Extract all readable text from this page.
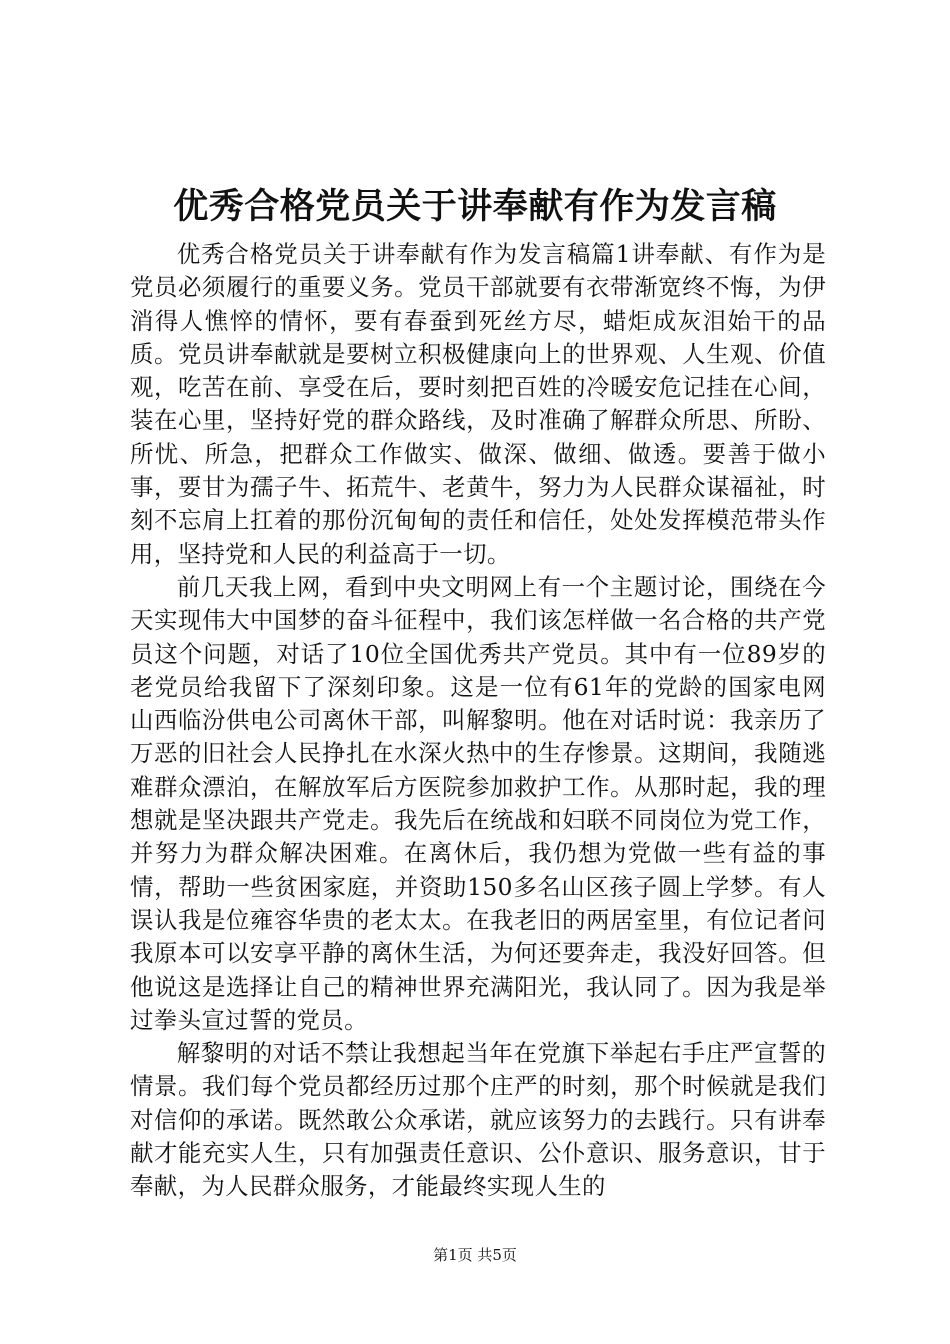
优秀合格党员关于讲奉献有作为发言稿

优秀合格党员关于讲奉献有作为发言稿篇1讲奉献、有作为是党员必须履行的重要义务。党员干部就要有衣带渐宽终不悔，为伊消得人憔悴的情怀，要有春蚕到死丝方尽，蜡炬成灰泪始干的品质。党员讲奉献就是要树立积极健康向上的世界观、人生观、价值观，吃苦在前、享受在后，要时刻把百姓的冷暖安危记挂在心间，装在心里，坚持好党的群众路线，及时准确了解群众所思、所盼、所忧、所急，把群众工作做实、做深、做细、做透。要善于做小事，要甘为孺子牛、拓荒牛、老黄牛，努力为人民群众谋福祉，时刻不忘肩上扛着的那份沉甸甸的责任和信任，处处发挥模范带头作用，坚持党和人民的利益高于一切。

前几天我上网，看到中央文明网上有一个主题讨论，围绕在今天实现伟大中国梦的奋斗征程中，我们该怎样做一名合格的共产党员这个问题，对话了10位全国优秀共产党员。其中有一位89岁的老党员给我留下了深刻印象。这是一位有61年的党龄的国家电网山西临汾供电公司离休干部，叫解黎明。他在对话时说：我亲历了万恶的旧社会人民挣扎在水深火热中的生存惨景。这期间，我随逃难群众漂泊，在解放军后方医院参加救护工作。从那时起，我的理想就是坚决跟共产党走。我先后在统战和妇联不同岗位为党工作，并努力为群众解决困难。在离休后，我仍想为党做一些有益的事情，帮助一些贫困家庭，并资助150多名山区孩子圆上学梦。有人误认我是位雍容华贵的老太太。在我老旧的两居室里，有位记者问我原本可以安享平静的离休生活，为何还要奔走，我没好回答。但他说这是选择让自己的精神世界充满阳光，我认同了。因为我是举过拳头宣过誓的党员。

解黎明的对话不禁让我想起当年在党旗下举起右手庄严宣誓的情景。我们每个党员都经历过那个庄严的时刻，那个时候就是我们对信仰的承诺。既然敢公众承诺，就应该努力的去践行。只有讲奉献才能充实人生，只有加强责任意识、公仆意识、服务意识，甘于奉献，为人民群众服务，才能最终实现人生的

第1页 共5页
